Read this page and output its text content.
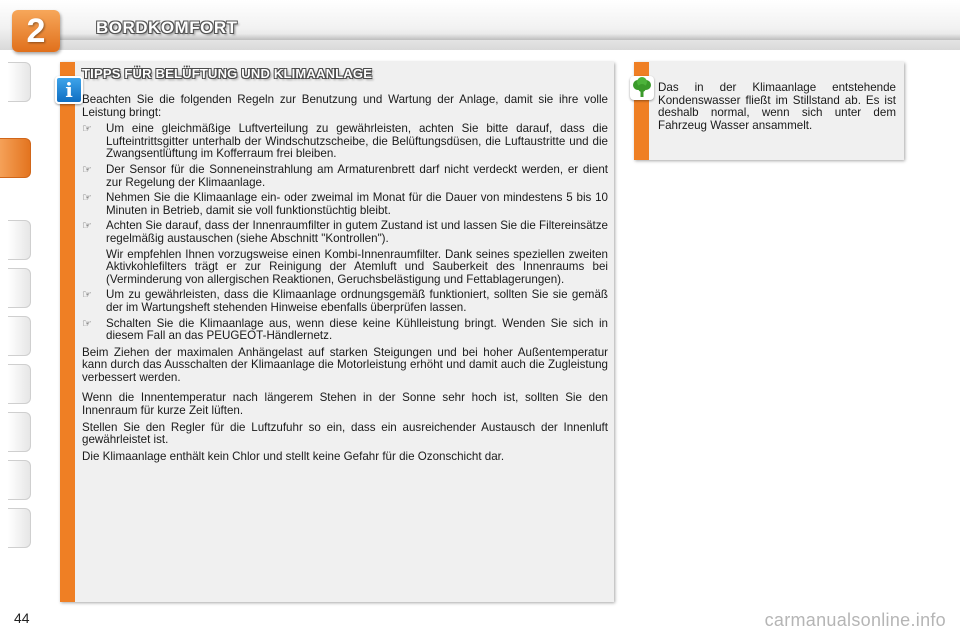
2	BORDKOMFORT
i
TIPPS FÜR BELÜFTUNG UND KLIMAANLAGE

Beachten Sie die folgenden Regeln zur Benutzung und Wartung der Anlage, damit sie ihre volle Leistung bringt:

☞	Um eine gleichmäßige Luftverteilung zu gewährleisten, achten Sie bitte darauf, dass die Lufteintrittsgitter unterhalb der Windschutzscheibe, die Belüftungsdüsen, die Luftaustritte und die Zwangsentlüftung im Kofferraum frei bleiben.
☞	Der Sensor für die Sonneneinstrahlung am Armaturenbrett darf nicht verdeckt werden, er dient zur Regelung der Klimaanlage.
☞	Nehmen Sie die Klimaanlage ein- oder zweimal im Monat für die Dauer von mindestens 5 bis 10 Minuten in Betrieb, damit sie voll funktionstüchtig bleibt.
☞	Achten Sie darauf, dass der Innenraumfilter in gutem Zustand ist und lassen Sie die Filtereinsätze regelmäßig austauschen (siehe Abschnitt "Kontrollen").
Wir empfehlen Ihnen vorzugsweise einen Kombi-Innenraumfilter. Dank seines speziellen zweiten Aktivkohlefilters trägt er zur Reinigung der Atemluft und Sauberkeit des Innenraums bei (Verminderung von allergischen Reaktionen, Geruchsbelästigung und Fettablagerungen).
☞	Um zu gewährleisten, dass die Klimaanlage ordnungsgemäß funktioniert, sollten Sie sie gemäß der im Wartungsheft stehenden Hinweise ebenfalls überprüfen lassen.
☞	Schalten Sie die Klimaanlage aus, wenn diese keine Kühlleistung bringt. Wenden Sie sich in diesem Fall an das PEUGEOT-Händlernetz.

Beim Ziehen der maximalen Anhängelast auf starken Steigungen und bei hoher Außentemperatur kann durch das Ausschalten der Klimaanlage die Motorleistung erhöht und damit auch die Zugleistung verbessert werden.

Wenn die Innentemperatur nach längerem Stehen in der Sonne sehr hoch ist, sollten Sie den Innenraum für kurze Zeit lüften.

Stellen Sie den Regler für die Luftzufuhr so ein, dass ein ausreichender Austausch der Innenluft gewährleistet ist.

Die Klimaanlage enthält kein Chlor und stellt keine Gefahr für die Ozonschicht dar.

Das in der Klimaanlage entstehende Kondenswasser fließt im Stillstand ab. Es ist deshalb normal, wenn sich unter dem Fahrzeug Wasser ansammelt.
44	carmanualsonline.info
